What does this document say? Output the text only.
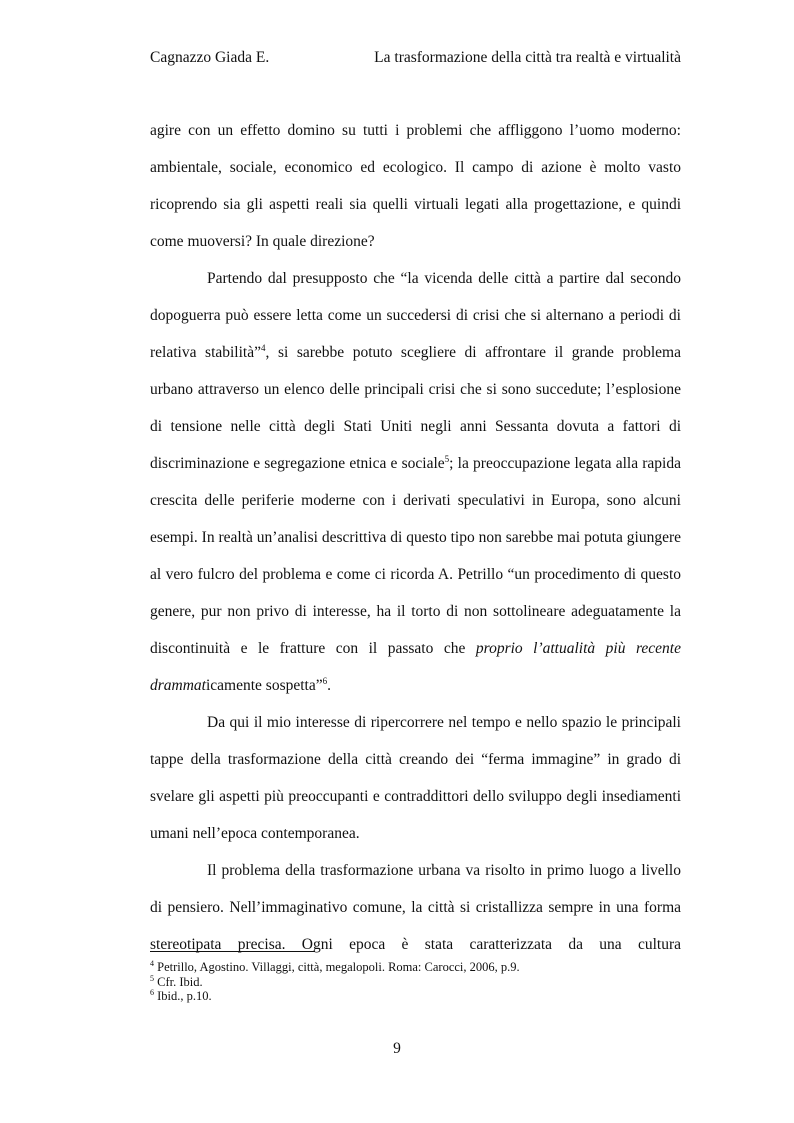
Cagnazzo Giada E.	La trasformazione della città tra realtà e virtualità

agire con un effetto domino su tutti i problemi che affliggono l’uomo moderno: ambientale, sociale, economico ed ecologico. Il campo di azione è molto vasto ricoprendo sia gli aspetti reali sia quelli virtuali legati alla progettazione, e quindi come muoversi? In quale direzione?

Partendo dal presupposto che “la vicenda delle città a partire dal secondo dopoguerra può essere letta come un succedersi di crisi che si alternano a periodi di relativa stabilità”$^4$, si sarebbe potuto scegliere di affrontare il grande problema urbano attraverso un elenco delle principali crisi che si sono succedute; l’esplosione di tensione nelle città degli Stati Uniti negli anni Sessanta dovuta a fattori di discriminazione e segregazione etnica e sociale$^5$; la preoccupazione legata alla rapida crescita delle periferie moderne con i derivati speculativi in Europa, sono alcuni esempi. In realtà un’analisi descrittiva di questo tipo non sarebbe mai potuta giungere al vero fulcro del problema e come ci ricorda A. Petrillo “un procedimento di questo genere, pur non privo di interesse, ha il torto di non sottolineare adeguatamente la discontinuità e le fratture con il passato che proprio l’attualità più recente drammaticamente sospetta”$^6$.

Da qui il mio interesse di ripercorrere nel tempo e nello spazio le principali tappe della trasformazione della città creando dei “ferma immagine” in grado di svelare gli aspetti più preoccupanti e contraddittori dello sviluppo degli insediamenti umani nell’epoca contemporanea.

Il problema della trasformazione urbana va risolto in primo luogo a livello di pensiero. Nell’immaginativo comune, la città si cristallizza sempre in una forma stereotipata precisa. Ogni epoca è stata caratterizzata da una cultura

$^4$ Petrillo, Agostino. Villaggi, città, megalopoli. Roma: Carocci, 2006, p.9.

$^5$ Cfr. Ibid.

$^6$ Ibid., p.10.

9
